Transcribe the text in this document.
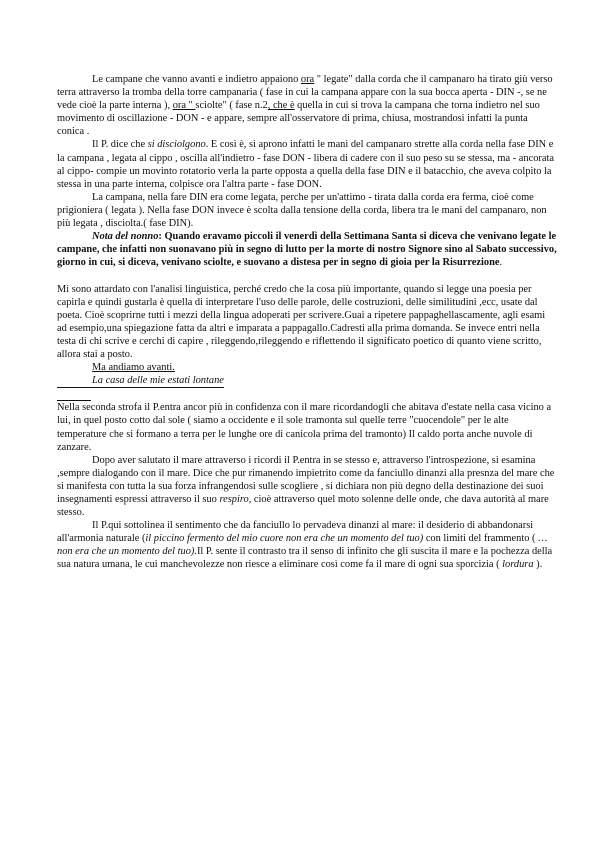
Le campane che vanno avanti e indietro appaiono ora " legate" dalla corda che il campanaro ha tirato giù verso terra attraverso la tromba della torre campanaria ( fase in cui la campana appare con la sua bocca aperta - DIN -, se ne vede cioè la parte interna ), ora " sciolte" ( fase n.2, che è quella in cui si trova la campana che torna indietro nel suo movimento di oscillazione - DON - e appare, sempre all'osservatore di prima, chiusa, mostrandosi infatti la punta conica .

Il P. dice che si disciolgono. E così è, si aprono infatti le mani del campanaro strette alla corda nella fase DIN e la campana , legata al cippo , oscilla all'indietro - fase DON - libera di cadere con il suo peso su se stessa, ma - ancorata al cippo- compie un movinto rotatorio verla la parte opposta a quella della fase DIN e il batacchio, che aveva colpito la stessa in una parte interna, colpisce ora l'altra parte - fase DON.

La campana, nella fare DIN era come legata, perche per un'attimo - tirata dalla corda era ferma, cioè come prigioniera ( legata ). Nella fase DON invece è scolta dalla tensione della corda, libera tra le mani del campanaro, non più legata , disciolta.( fase DIN).

Nota del nonno: Quando eravamo piccoli il venerdì della Settimana Santa si diceva che venivano legate le campane, che infatti non suonavano più in segno di lutto per la morte di nostro Signore sino al Sabato successivo, giorno in cui, si diceva, venivano sciolte, e suovano a distesa per in segno di gioia per la Risurrezione.

Mi sono attardato con l'analisi linguistica, perché credo che la cosa più importante, quando si legge una poesia per capirla e quindi gustarla è quella di interpretare l'uso delle parole, delle costruzioni, delle similitudini ,ecc, usate dal poeta. Cioè scoprirne tutti i mezzi della lingua adoperati per scrivere.Guai a ripetere pappaghellascamente, agli esami ad esempio,una spiegazione fatta da altri e imparata a pappagallo.Cadresti alla prima domanda. Se invece entri nella testa di chi scrive e cerchi di capire , rileggendo,rileggendo e riflettendo il significato poetico di quanto viene scritto, allora stai a posto.

Ma andiamo avanti.

La casa delle mie estati lontane

Nella seconda strofa il P.entra ancor più in confidenza con il mare ricordandogli che abitava d'estate nella casa vicino a lui, in quel posto cotto dal sole ( siamo a occidente e il sole tramonta sul quelle terre "cuocendole" per le alte temperature che si formano a terra per le lunghe ore di canicola prima del tramonto) Il caldo porta anche nuvole di zanzare.

Dopo aver salutato il mare attraverso i ricordi il P.entra in se stesso e, attraverso l'introspezione, si esamina ,sempre dialogando con il mare. Dice che pur rimanendo impietrito come da fanciullo dinanzi alla presnza del mare che si manifesta con tutta la sua forza infrangendosi sulle scogliere , si dichiara non più degno della destinazione dei suoi insegnamenti espressi attraverso il suo respiro, cioè attraverso quel moto solenne delle onde, che dava autorità al mare stesso.

Il P.qui sottolinea il sentimento che da fanciullo lo pervadeva dinanzi al mare: il desiderio di abbandonarsi all'armonia naturale (il piccino fermento del mio cuore non era che un momento del tuo) con limiti del frammento ( …non era che un momento del tuo).Il P. sente il contrasto tra il senso di infinito che gli suscita il mare e la pochezza della sua natura umana, le cui manchevolezze non riesce a eliminare così come fa il mare di ogni sua sporcizia ( lordura ).
